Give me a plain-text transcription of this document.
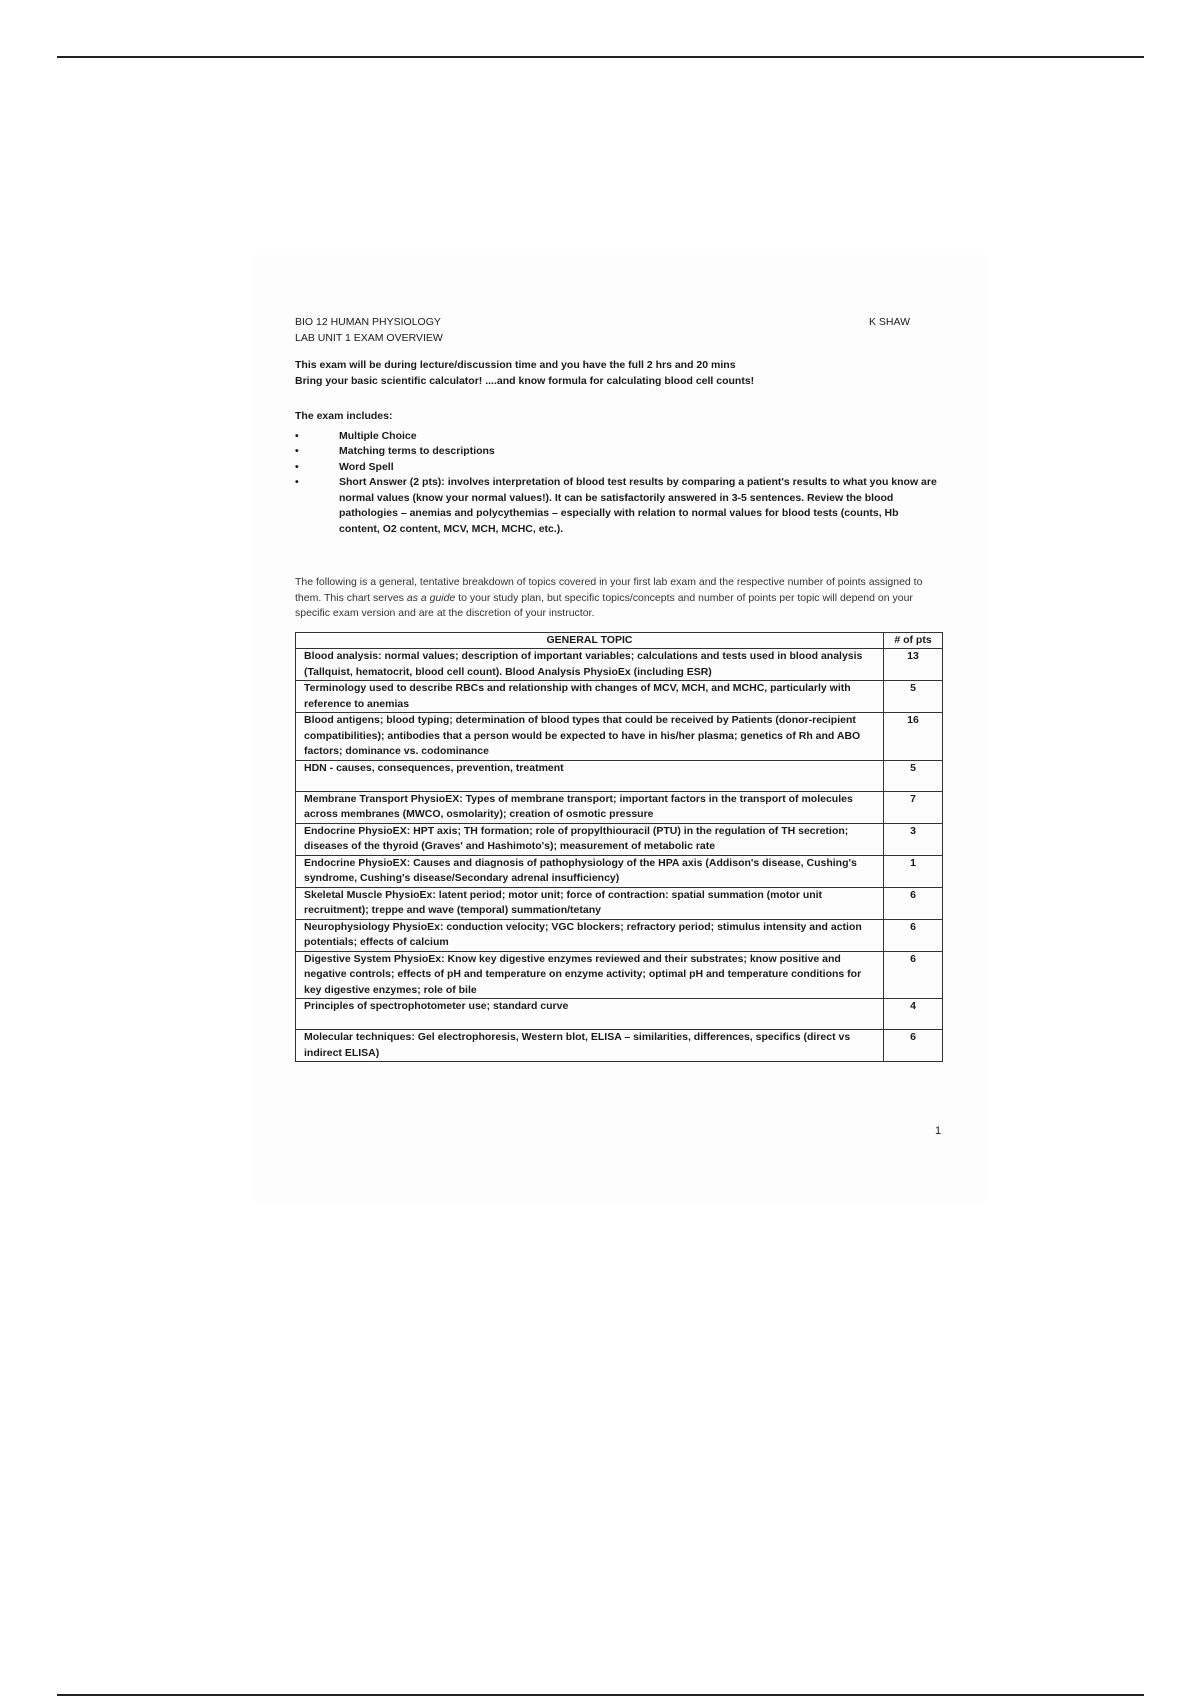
BIO 12 HUMAN PHYSIOLOGY	K SHAW
LAB UNIT 1 EXAM OVERVIEW
This exam will be during lecture/discussion time and you have the full 2 hrs and 20 mins
Bring your basic scientific calculator! ....and know formula for calculating blood cell counts!
The exam includes:
•	Multiple Choice
•	Matching terms to descriptions
•	Word Spell
•	Short Answer (2 pts): involves interpretation of blood test results by comparing a patient's results to what you know are normal values (know your normal values!). It can be satisfactorily answered in 3-5 sentences. Review the blood pathologies – anemias and polycythemias – especially with relation to normal values for blood tests (counts, Hb content, O2 content, MCV, MCH, MCHC, etc.).
The following is a general, tentative breakdown of topics covered in your first lab exam and the respective number of points assigned to them. This chart serves as a guide to your study plan, but specific topics/concepts and number of points per topic will depend on your specific exam version and are at the discretion of your instructor.
GENERAL TOPIC	# of pts
Blood analysis: normal values; description of important variables; calculations and tests used in blood analysis (Tallquist, hematocrit, blood cell count). Blood Analysis PhysioEx (including ESR)	13
Terminology used to describe RBCs and relationship with changes of MCV, MCH, and MCHC, particularly with reference to anemias	5
Blood antigens; blood typing; determination of blood types that could be received by Patients (donor-recipient compatibilities); antibodies that a person would be expected to have in his/her plasma; genetics of Rh and ABO factors; dominance vs. codominance	16
HDN - causes, consequences, prevention, treatment	5
Membrane Transport PhysioEX: Types of membrane transport; important factors in the transport of molecules across membranes (MWCO, osmolarity); creation of osmotic pressure	7
Endocrine PhysioEX: HPT axis; TH formation; role of propylthiouracil (PTU) in the regulation of TH secretion; diseases of the thyroid (Graves' and Hashimoto's); measurement of metabolic rate	3
Endocrine PhysioEX: Causes and diagnosis of pathophysiology of the HPA axis (Addison's disease, Cushing's syndrome, Cushing's disease/Secondary adrenal insufficiency)	1
Skeletal Muscle PhysioEx: latent period; motor unit; force of contraction: spatial summation (motor unit recruitment); treppe and wave (temporal) summation/tetany	6
Neurophysiology PhysioEx: conduction velocity; VGC blockers; refractory period; stimulus intensity and action potentials; effects of calcium	6
Digestive System PhysioEx: Know key digestive enzymes reviewed and their substrates; know positive and negative controls; effects of pH and temperature on enzyme activity; optimal pH and temperature conditions for key digestive enzymes; role of bile	6
Principles of spectrophotometer use; standard curve	4
Molecular techniques: Gel electrophoresis, Western blot, ELISA – similarities, differences, specifics (direct vs indirect ELISA)	6
1
